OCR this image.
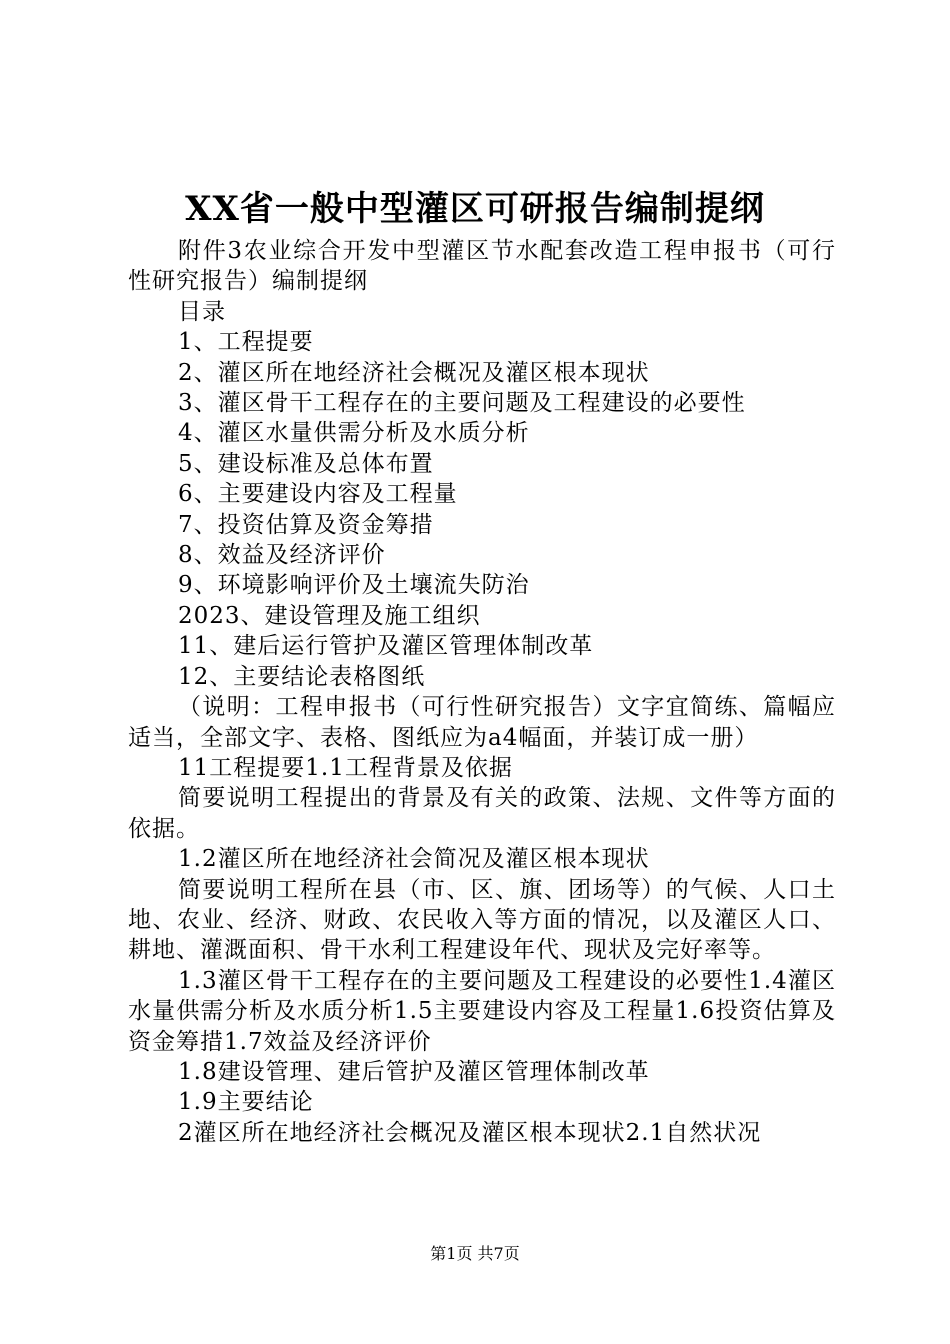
XX省一般中型灌区可研报告编制提纲

附件3农业综合开发中型灌区节水配套改造工程申报书（可行性研究报告）编制提纲

目录

1、工程提要

2、灌区所在地经济社会概况及灌区根本现状

3、灌区骨干工程存在的主要问题及工程建设的必要性

4、灌区水量供需分析及水质分析

5、建设标准及总体布置

6、主要建设内容及工程量

7、投资估算及资金筹措

8、效益及经济评价

9、环境影响评价及土壤流失防治

2023、建设管理及施工组织

11、建后运行管护及灌区管理体制改革

12、主要结论表格图纸

（说明：工程申报书（可行性研究报告）文字宜简练、篇幅应适当，全部文字、表格、图纸应为a4幅面，并装订成一册）

11工程提要1.1工程背景及依据

简要说明工程提出的背景及有关的政策、法规、文件等方面的依据。

1.2灌区所在地经济社会简况及灌区根本现状

简要说明工程所在县（市、区、旗、团场等）的气候、人口土地、农业、经济、财政、农民收入等方面的情况，以及灌区人口、耕地、灌溉面积、骨干水利工程建设年代、现状及完好率等。

1.3灌区骨干工程存在的主要问题及工程建设的必要性1.4灌区水量供需分析及水质分析1.5主要建设内容及工程量1.6投资估算及资金筹措1.7效益及经济评价

1.8建设管理、建后管护及灌区管理体制改革

1.9主要结论

2灌区所在地经济社会概况及灌区根本现状2.1自然状况

第1页 共7页
